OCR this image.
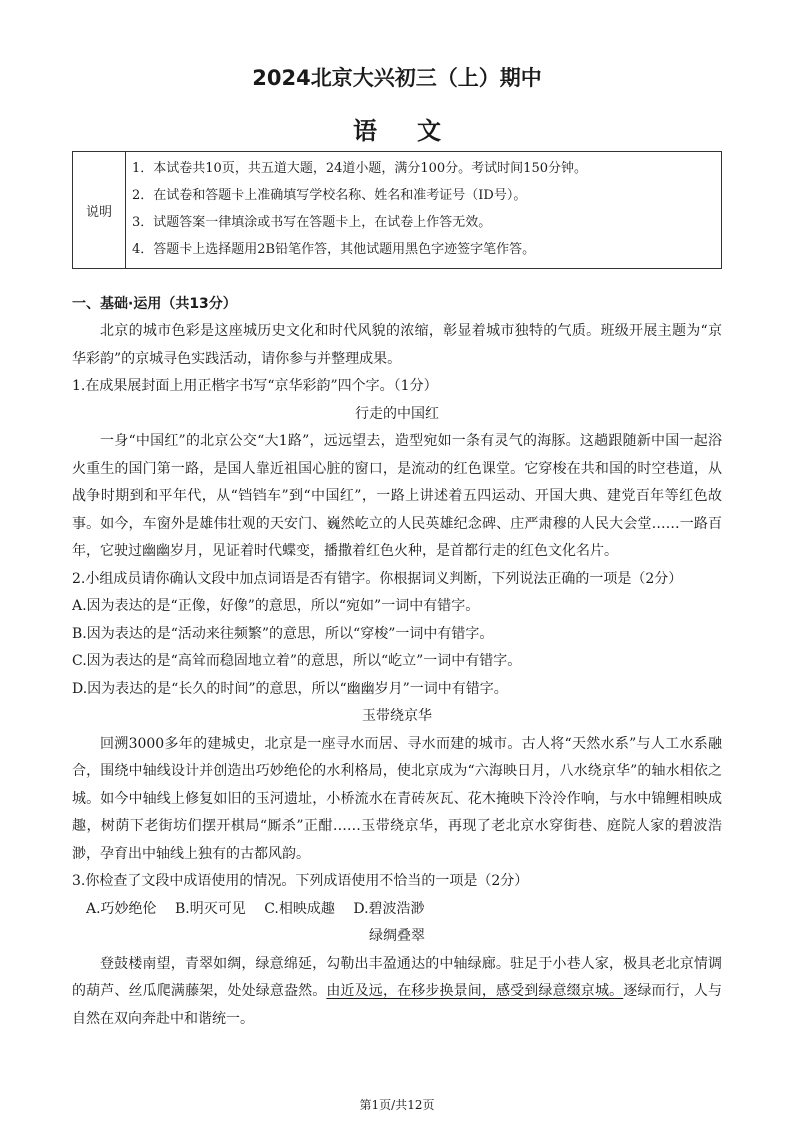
2024北京大兴初三（上）期中
语文
说明
1．本试卷共10页，共五道大题，24道小题，满分100分。考试时间150分钟。
2．在试卷和答题卡上准确填写学校名称、姓名和准考证号（ID号）。
3．试题答案一律填涂或书写在答题卡上，在试卷上作答无效。
4．答题卡上选择题用2B铅笔作答，其他试题用黑色字迹签字笔作答。
一、基础·运用（共13分）
北京的城市色彩是这座城历史文化和时代风貌的浓缩，彰显着城市独特的气质。班级开展主题为“京华彩韵”的京城寻色实践活动，请你参与并整理成果。
1.在成果展封面上用正楷字书写“京华彩韵”四个字。（1分）
行走的中国红
一身“中国红”的北京公交“大1路”，远远望去，造型宛如一条有灵气的海豚。这趟跟随新中国一起浴火重生的国门第一路，是国人靠近祖国心脏的窗口，是流动的红色课堂。它穿梭在共和国的时空巷道，从战争时期到和平年代，从“铛铛车”到“中国红”，一路上讲述着五四运动、开国大典、建党百年等红色故事。如今，车窗外是雄伟壮观的天安门、巍然屹立的人民英雄纪念碑、庄严肃穆的人民大会堂……一路百年，它驶过幽幽岁月，见证着时代蝶变，播撒着红色火种，是首都行走的红色文化名片。
2.小组成员请你确认文段中加点词语是否有错字。你根据词义判断，下列说法正确的一项是（2分）
A.因为表达的是“正像，好像”的意思，所以“宛如”一词中有错字。
B.因为表达的是“活动来往频繁”的意思，所以“穿梭”一词中有错字。
C.因为表达的是“高耸而稳固地立着”的意思，所以“屹立”一词中有错字。
D.因为表达的是“长久的时间”的意思，所以“幽幽岁月”一词中有错字。
玉带绕京华
回溯3000多年的建城史，北京是一座寻水而居、寻水而建的城市。古人将“天然水系”与人工水系融合，围绕中轴线设计并创造出巧妙绝伦的水利格局，使北京成为“六海映日月，八水绕京华”的轴水相依之城。如今中轴线上修复如旧的玉河遗址，小桥流水在青砖灰瓦、花木掩映下泠泠作响，与水中锦鲤相映成趣，树荫下老街坊们摆开棋局“厮杀”正酣……玉带绕京华，再现了老北京水穿街巷、庭院人家的碧波浩渺，孕育出中轴线上独有的古都风韵。
3.你检查了文段中成语使用的情况。下列成语使用不恰当的一项是（2分）
A.巧妙绝伦 B.明灭可见 C.相映成趣 D.碧波浩渺
绿绸叠翠
登鼓楼南望，青翠如绸，绿意绵延，勾勒出丰盈通达的中轴绿廊。驻足于小巷人家，极具老北京情调的葫芦、丝瓜爬满藤架，处处绿意盎然。由近及远，在移步换景间，感受到绿意缀京城。逐绿而行，人与自然在双向奔赴中和谐统一。
第1页/共12页
